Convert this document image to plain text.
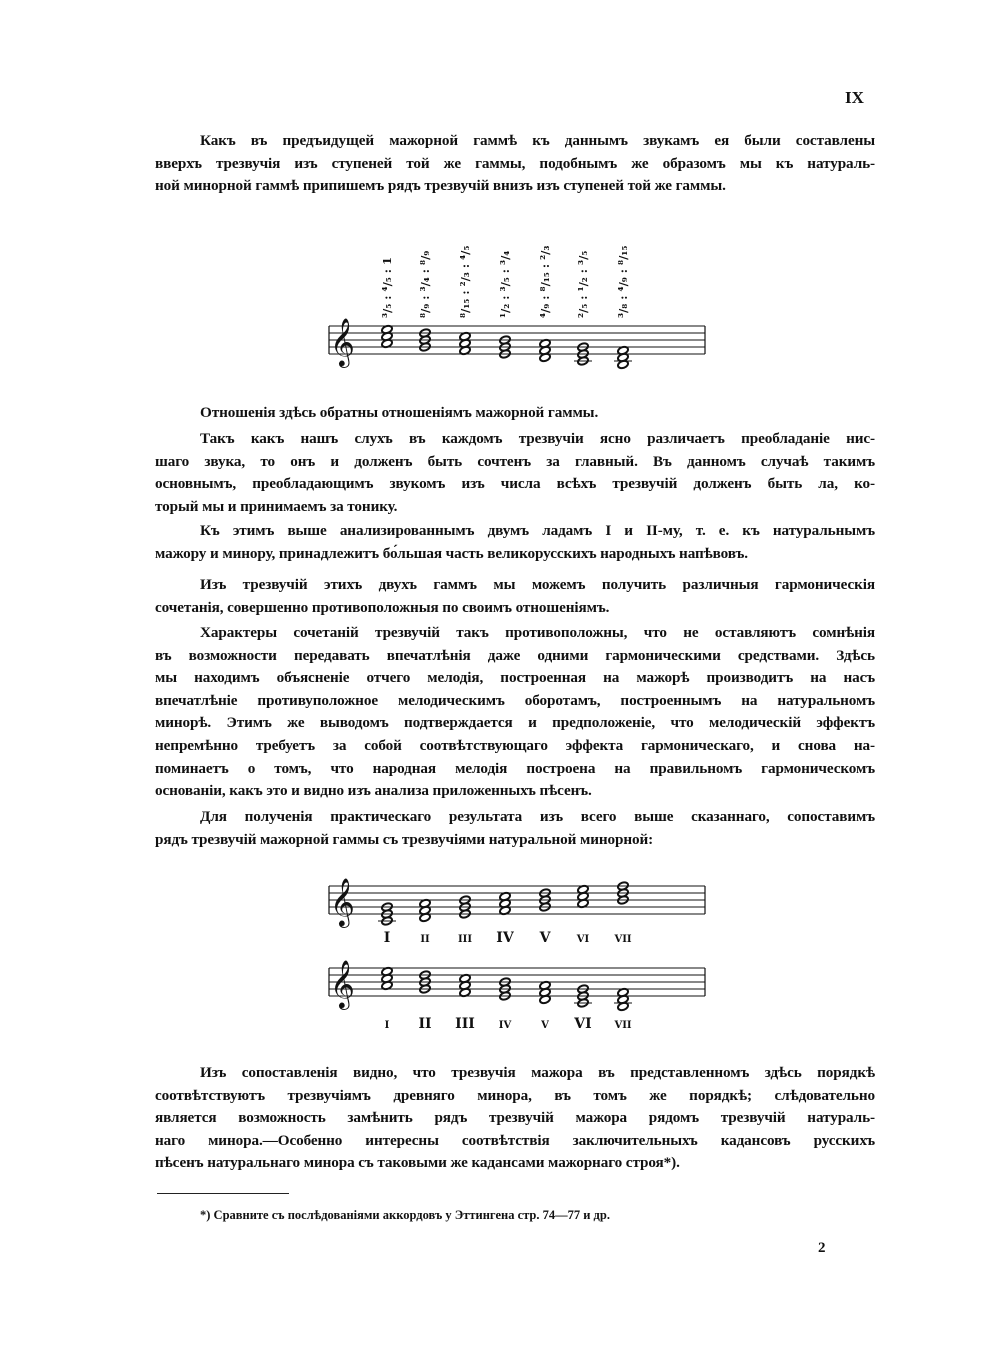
IX
Какъ въ предъидущей мажорной гаммѣ къ даннымъ звукамъ ея были составлены
вверхъ трезвучія изъ ступеней той же гаммы, подобнымъ же образомъ мы къ натураль-
ной минорной гаммѣ припишемъ рядъ трезвучій внизъ изъ ступеней той же гаммы.
𝄞
³/₅ : ⁴/₅ : 1 ⁸/₉ : ³/₄ : ⁸/₉ ⁸/₁₅ : ²/₃ : ⁴/₅ ¹/₂ : ³/₅ : ³/₄ ⁴/₉ : ⁸/₁₅ : ²/₃ ²/₅ : ¹/₂ : ³/₅ ³/₈ : ⁴/₉ : ⁸/₁₅
Отношенія здѣсь обратны отношеніямъ мажорной гаммы.
Такъ какъ нашъ слухъ въ каждомъ трезвучіи ясно различаетъ преобладаніе нис-
шаго звука, то онъ и долженъ быть сочтенъ за главный. Въ данномъ случаѣ такимъ
основнымъ, преобладающимъ звукомъ изъ числа всѣхъ трезвучій долженъ быть ла, ко-
торый мы и принимаемъ за тонику.
Къ этимъ выше анализированнымъ двумъ ладамъ I и II-му, т. е. къ натуральнымъ
мажору и минору, принадлежитъ бо́льшая часть великорусскихъ народныхъ напѣвовъ.
Изъ трезвучій этихъ двухъ гаммъ мы можемъ получить различныя гармоническія
сочетанія, совершенно противоположныя по своимъ отношеніямъ.
Характеры сочетаній трезвучій такъ противоположны, что не оставляютъ сомнѣнія
въ возможности передавать впечатлѣнія даже одними гармоническими средствами. Здѣсь
мы находимъ объясненіе отчего мелодія, построенная на мажорѣ производитъ на насъ
впечатлѣніе противуположное мелодическимъ оборотамъ, построеннымъ на натуральномъ
минорѣ. Этимъ же выводомъ подтверждается и предположеніе, что мелодическій эффектъ
непремѣнно требуетъ за собой соотвѣтствующаго эффекта гармоническаго, и снова на-
поминаетъ о томъ, что народная мелодія построена на правильномъ гармоническомъ
основаніи, какъ это и видно изъ анализа приложенныхъ пѣсенъ.
Для полученія практическаго результата изъ всего выше сказаннаго, сопоставимъ
рядъ трезвучій мажорной гаммы съ трезвучіями натуральной минорной:
𝄞
I	II	III IV V	VI	VII
𝄞
I II III IV	V VI VII
Изъ сопоставленія видно, что трезвучія мажора въ представленномъ здѣсь порядкѣ
соотвѣтствуютъ трезвучіямъ древняго минора, въ томъ же порядкѣ; слѣдовательно
является возможность замѣнить рядъ трезвучій мажора рядомъ трезвучій натураль-
наго минора.—Особенно интересны соотвѣтствія заключительныхъ кадансовъ русскихъ
пѣсенъ натуральнаго минора съ таковыми же кадансами мажорнаго строя*).
*) Сравните съ послѣдованіями аккордовъ у Эттингена стр. 74—77 и др.
2
